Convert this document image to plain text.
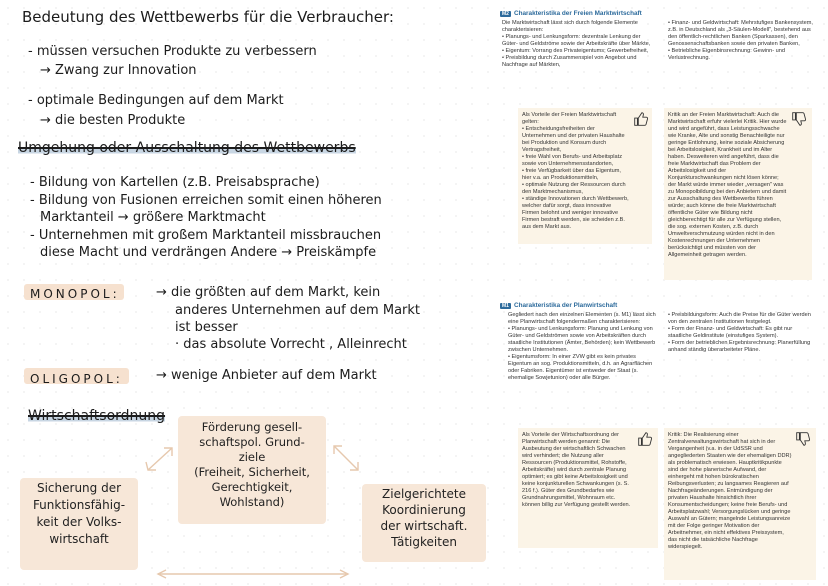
Bedeutung des Wettbewerbs für die Verbraucher:
- müssen versuchen Produkte zu verbessern
→ Zwang zur Innovation
- optimale Bedingungen auf dem Markt
→ die besten Produkte
Umgehung oder Ausschaltung des Wettbewerbs
- Bildung von Kartellen (z.B. Preisabsprache)
- Bildung von Fusionen erreichen somit einen höheren
Marktanteil → größere Marktmacht
- Unternehmen mit großem Marktanteil missbrauchen
diese Macht und verdrängen Andere → Preiskämpfe
MONOPOL:	→ die größten auf dem Markt, kein
anderes Unternehmen auf dem Markt
ist besser
· das absolute Vorrecht , Alleinrecht
OLIGOPOL:	→ wenige Anbieter auf dem Markt
Wirtschaftsordnung
Förderung gesell-
schaftspol. Grund-
ziele
(Freiheit, Sicherheit,
Gerechtigkeit,
Wohlstand)
Sicherung der
Funktionsfähig-
keit der Volks-
wirtschaft
Zielgerichtete
Koordinierung
der wirtschaft.
Tätigkeiten
M2 Charakteristika der Freien Marktwirtschaft
Die Marktwirtschaft lässt sich durch folgende Elemente charakterisieren:
• Planungs- und Lenkungsform: dezentrale Lenkung der Güter- und Geldströme sowie der Arbeitskräfte über Märkte,
• Eigentum: Vorrang des Privateigentums; Gewerbefreiheit,
• Preisbildung durch Zusammenspiel von Angebot und Nachfrage auf Märkten,
• Finanz- und Geldwirtschaft: Mehrstufiges Bankensystem, z.B. in Deutschland als „3-Säulen-Modell", bestehend aus den öffentlich-rechtlichen Banken (Sparkassen), den Genossenschaftsbanken sowie den privaten Banken,
• Betriebliche Eigenbinsrechnung: Gewinn- und Verlustrechnung.
Als Vorteile der Freien Marktwirtschaft gelten:
• Entscheidungsfreiheiten der Unternehmen und der privaten Haushalte bei Produktion und Konsum durch Vertragsfreiheit,
• freie Wahl von Berufs- und Arbeitsplatz sowie von Unternehmensstandorten,
• freie Verfügbarkeit über das Eigentum, hier v.a. an Produktionsmitteln,
• optimale Nutzung der Ressourcen durch den Marktmechanismus,
• ständige Innovationen durch Wettbewerb, welcher dafür sorgt, dass innovative Firmen belohnt und weniger innovative Firmen bestraft werden, sie scheiden z.B. aus dem Markt aus.
Kritik an der Freien Marktwirtschaft: Auch die Marktwirtschaft erfuhr vielerlei Kritik. Hier wurde und wird angeführt, dass Leistungsschwache wie Kranke, Alte und sonstig Benachteiligte nur geringe Entlohnung, keine soziale Absicherung bei Arbeitslosigkeit, Krankheit und im Alter haben. Desweiteren wird angeführt, dass die freie Marktwirtschaft das Problem der Arbeitslosigkeit und der Konjunkturschwankungen nicht lösen könne; der Markt würde immer wieder „versagen" was zu Monopolbildung bei den Anbietern und damit zur Ausschaltung des Wettbewerbs führen würde; auch könne die freie Marktwirtschaft öffentliche Güter wie Bildung nicht gleichberechtigt für alle zur Verfügung stellen, die sog. externen Kosten, z.B. durch Umweltverschmutzung würden nicht in den Kostenrechnungen der Unternehmen berücksichtigt und müssten von der Allgemeinheit getragen werden.
M1 Charakteristika der Planwirtschaft
Gegliedert nach den einzelnen Elementen (s. M1) lässt sich eine Planwirtschaft folgendermaßen charakterisieren:
• Planungs- und Lenkungsform: Planung und Lenkung von Güter- und Geldströmen sowie von Arbeitskräften durch staatliche Institutionen (Ämter, Behörden); kein Wettbewerb zwischen Unternehmen.
• Eigentumsform: In einer ZVW gibt es kein privates Eigentum an sog. Produktionsmitteln, d.h. an Agrarflächen oder Fabriken. Eigentümer ist entweder der Staat (s. ehemalige Sowjetunion) oder alle Bürger.
• Preisbildungsform: Auch die Preise für die Güter werden von den zentralen Institutionen festgelegt.
• Form der Finanz- und Geldwirtschaft: Es gibt nur staatliche Geldinstitute (einstufiges System).
• Form der betrieblichen Ergebnisrechnung: Planerfüllung anhand ständig überarbeiteter Pläne.
Als Vorteile der Wirtschaftsordnung der Planwirtschaft werden genannt: Die Ausbeutung der wirtschaftlich Schwachen wird verhindert; die Nutzung aller Ressourcen (Produktionsmittel, Rohstoffe, Arbeitskräfte) wird durch zentrale Planung optimiert; es gibt keine Arbeitslosigkeit und keine konjunkturellen Schwankungen (s. S. 216 f.). Güter des Grundbedarfes wie Grundnahrungsmittel, Wohnraum etc. können billig zur Verfügung gestellt werden.
Kritik: Die Realisierung einer Zentralverwaltungswirtschaft hat sich in der Vergangenheit (v.a. in der UdSSR und angegliederten Staaten wie der ehemaligen DDR) als problematisch erwiesen. Hauptkritikpunkte sind der hohe planerische Aufwand, der einhergeht mit hohen bürokratischen Reibungsverlusten; zu langsames Reagieren auf Nachfrageänderungen. Entmündigung der privaten Haushalte hinsichtlich ihrer Konsumentscheidungen; keine freie Berufs- und Arbeitsplatzwahl; Versorgungslücken und geringe Auswahl an Gütern; mangelnde Leistungsanreize mit der Folge geringer Motivation der Arbeitnehmer, ein nicht effektives Preissystem, das nicht die tatsächliche Nachfrage widerspiegelt.
